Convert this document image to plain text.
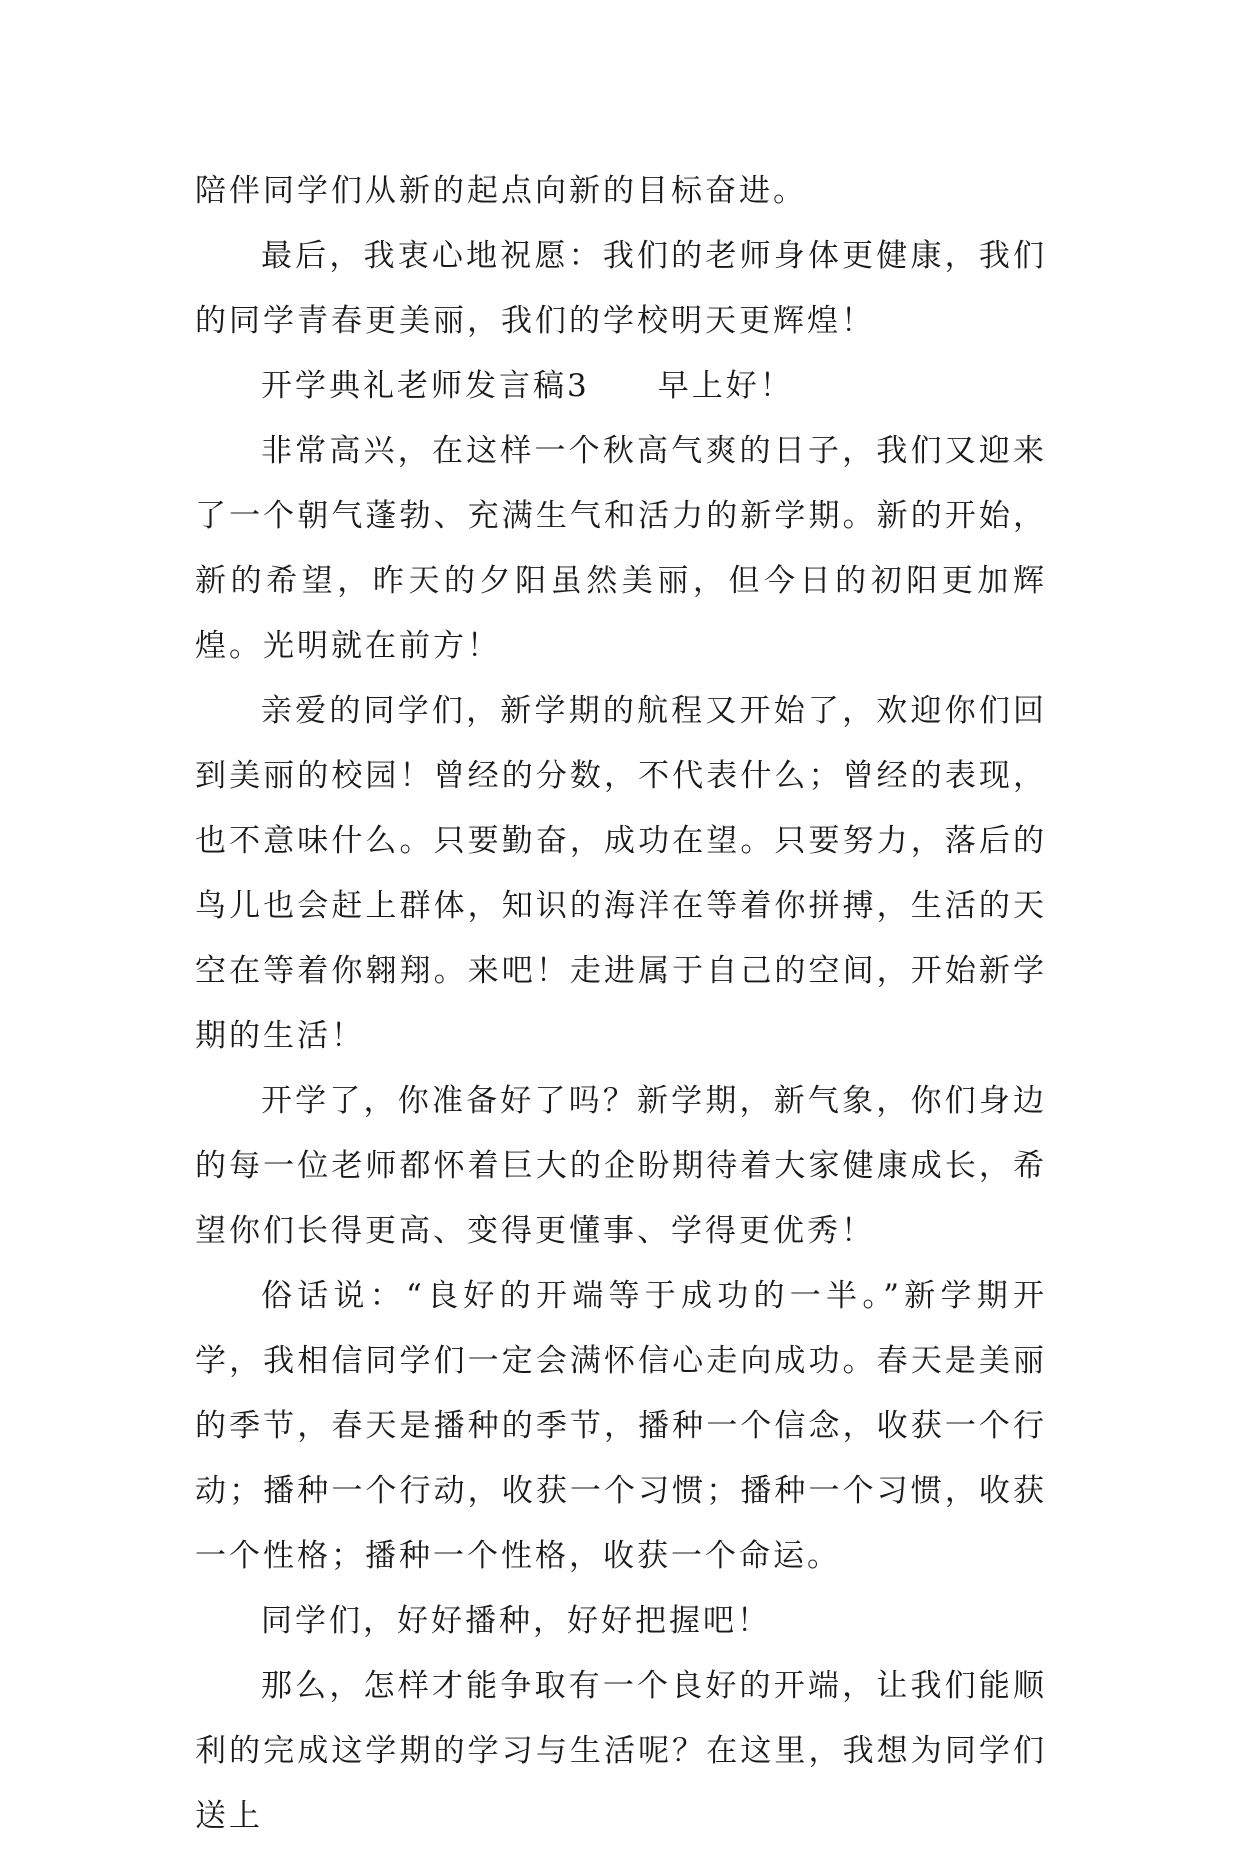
陪伴同学们从新的起点向新的目标奋进。

最后，我衷心地祝愿：我们的老师身体更健康，我们的同学青春更美丽，我们的学校明天更辉煌！

开学典礼老师发言稿3　　早上好！

非常高兴，在这样一个秋高气爽的日子，我们又迎来了一个朝气蓬勃、充满生气和活力的新学期。新的开始，新的希望，昨天的夕阳虽然美丽，但今日的初阳更加辉煌。光明就在前方！

亲爱的同学们，新学期的航程又开始了，欢迎你们回到美丽的校园！曾经的分数，不代表什么；曾经的表现，也不意味什么。只要勤奋，成功在望。只要努力，落后的鸟儿也会赶上群体，知识的海洋在等着你拼搏，生活的天空在等着你翱翔。来吧！走进属于自己的空间，开始新学期的生活！

开学了，你准备好了吗？新学期，新气象，你们身边的每一位老师都怀着巨大的企盼期待着大家健康成长，希望你们长得更高、变得更懂事、学得更优秀！

俗话说：“良好的开端等于成功的一半。”新学期开学，我相信同学们一定会满怀信心走向成功。春天是美丽的季节，春天是播种的季节，播种一个信念，收获一个行动；播种一个行动，收获一个习惯；播种一个习惯，收获一个性格；播种一个性格，收获一个命运。

同学们，好好播种，好好把握吧！

那么，怎样才能争取有一个良好的开端，让我们能顺利的完成这学期的学习与生活呢？在这里，我想为同学们送上
